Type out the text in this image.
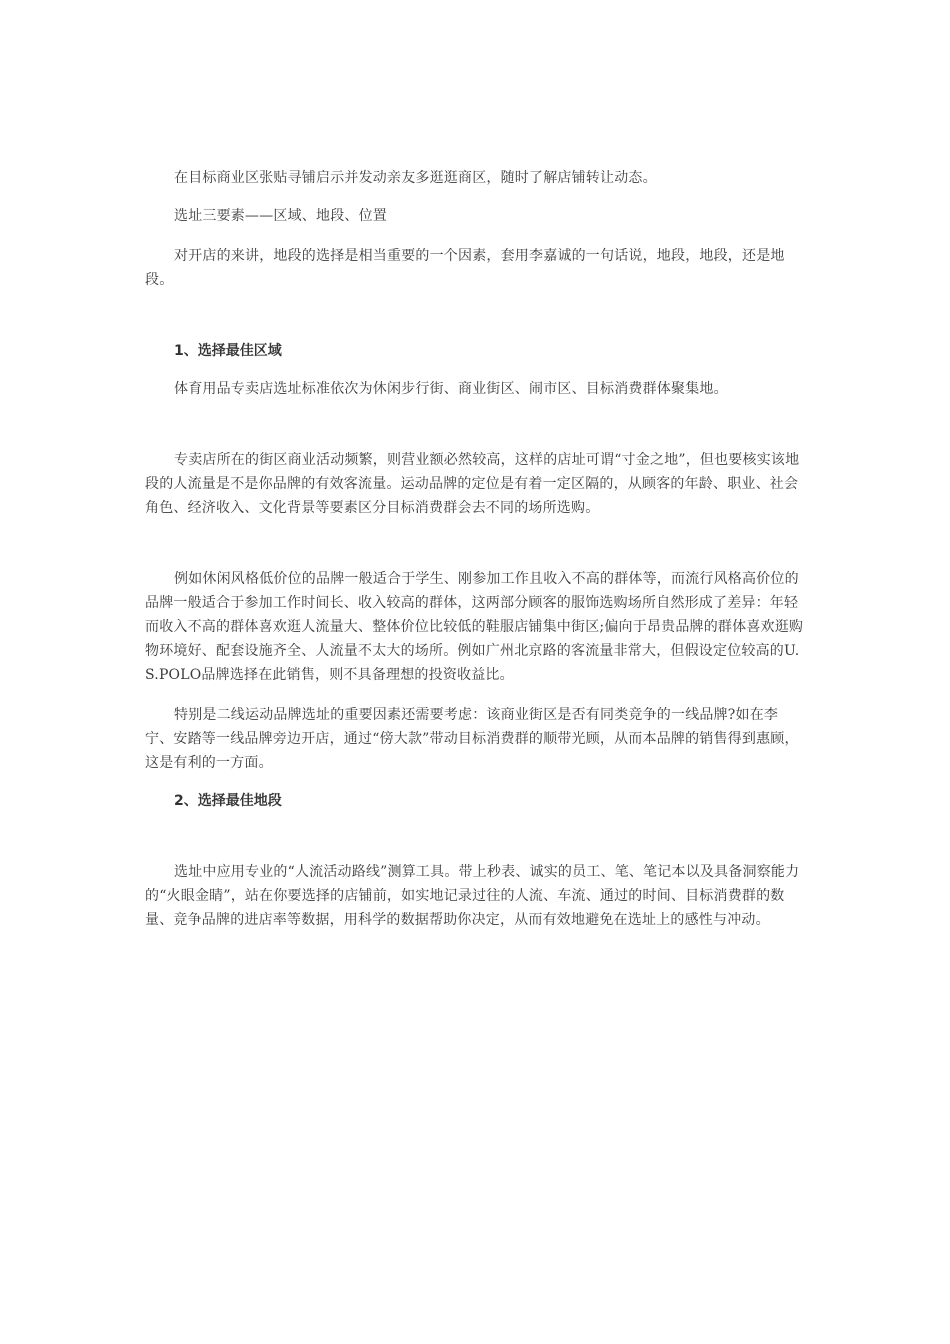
在目标商业区张贴寻铺启示并发动亲友多逛逛商区，随时了解店铺转让动态。

选址三要素——区域、地段、位置

对开店的来讲，地段的选择是相当重要的一个因素，套用李嘉诚的一句话说，地段，地段，还是地段。

1、选择最佳区域

体育用品专卖店选址标准依次为休闲步行街、商业街区、闹市区、目标消费群体聚集地。

专卖店所在的街区商业活动频繁，则营业额必然较高，这样的店址可谓“寸金之地”，但也要核实该地段的人流量是不是你品牌的有效客流量。运动品牌的定位是有着一定区隔的，从顾客的年龄、职业、社会角色、经济收入、文化背景等要素区分目标消费群会去不同的场所选购。

例如休闲风格低价位的品牌一般适合于学生、刚参加工作且收入不高的群体等，而流行风格高价位的品牌一般适合于参加工作时间长、收入较高的群体，这两部分顾客的服饰选购场所自然形成了差异：年轻而收入不高的群体喜欢逛人流量大、整体价位比较低的鞋服店铺集中街区;偏向于昂贵品牌的群体喜欢逛购物环境好、配套设施齐全、人流量不太大的场所。例如广州北京路的客流量非常大，但假设定位较高的U.S.POLO品牌选择在此销售，则不具备理想的投资收益比。

特别是二线运动品牌选址的重要因素还需要考虑：该商业街区是否有同类竞争的一线品牌?如在李宁、安踏等一线品牌旁边开店，通过“傍大款”带动目标消费群的顺带光顾，从而本品牌的销售得到惠顾，这是有利的一方面。

2、选择最佳地段

选址中应用专业的“人流活动路线”测算工具。带上秒表、诚实的员工、笔、笔记本以及具备洞察能力的“火眼金睛”，站在你要选择的店铺前，如实地记录过往的人流、车流、通过的时间、目标消费群的数量、竞争品牌的进店率等数据，用科学的数据帮助你决定，从而有效地避免在选址上的感性与冲动。
